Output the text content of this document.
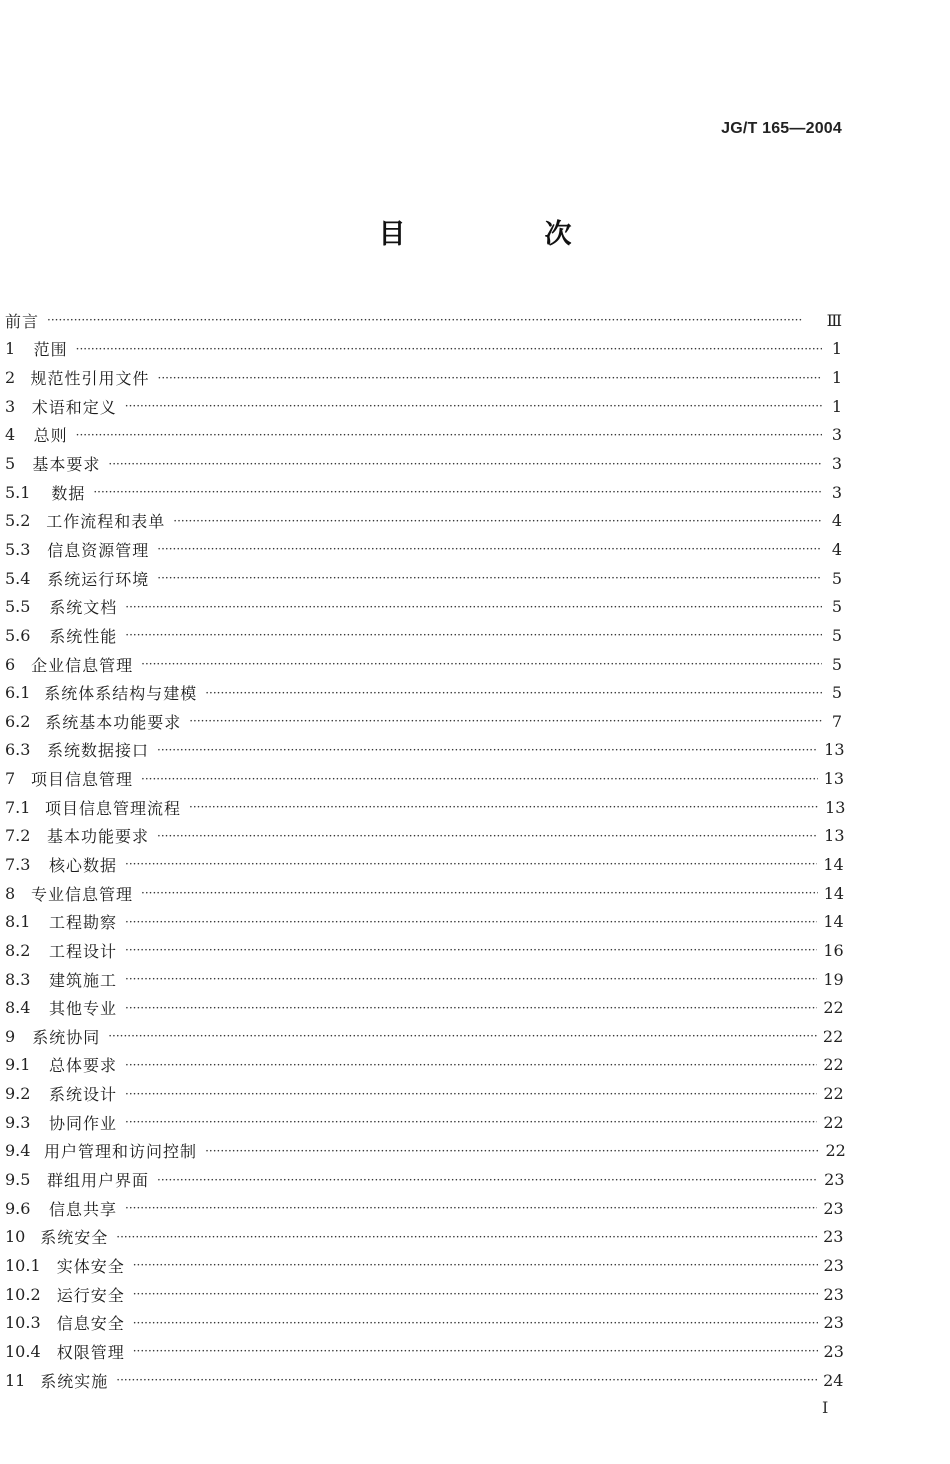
JG/T 165—2004
目　次
前言 ·····	Ⅲ
1	范围 ·····	1
2 规范性引用文件 ·····	1
3	术语和定义 ·····	1
4	总则 ·····	3
5	基本要求 ·····	3
5.1	数据 ·····	3
5.2 工作流程和表单 ·····	4
5.3	信息资源管理 ·····	4
5.4	系统运行环境 ·····	5
5.5	系统文档 ·····	5
5.6	系统性能 ·····	5
6 企业信息管理 ·····	5
6.1 系统体系结构与建模 ·····	5
6.2 系统基本功能要求 ·····	7
6.3	系统数据接口 ·····	13
7 项目信息管理 ·····	13
7.1 项目信息管理流程 ·····	13
7.2	基本功能要求 ·····	13
7.3	核心数据 ·····	14
8 专业信息管理 ·····	14
8.1	工程勘察 ·····	14
8.2	工程设计 ·····	16
8.3	建筑施工 ·····	19
8.4	其他专业 ·····	22
9	系统协同 ·····	22
9.1	总体要求 ·····	22
9.2	系统设计 ·····	22
9.3	协同作业 ·····	22
9.4 用户管理和访问控制 ·····	22
9.5	群组用户界面 ·····	23
9.6	信息共享 ·····	23
10 系统安全 ·····	23
10.1	实体安全 ·····	23
10.2	运行安全 ·····	23
10.3	信息安全 ·····	23
10.4	权限管理 ·····	23
11 系统实施 ·····	24
I
